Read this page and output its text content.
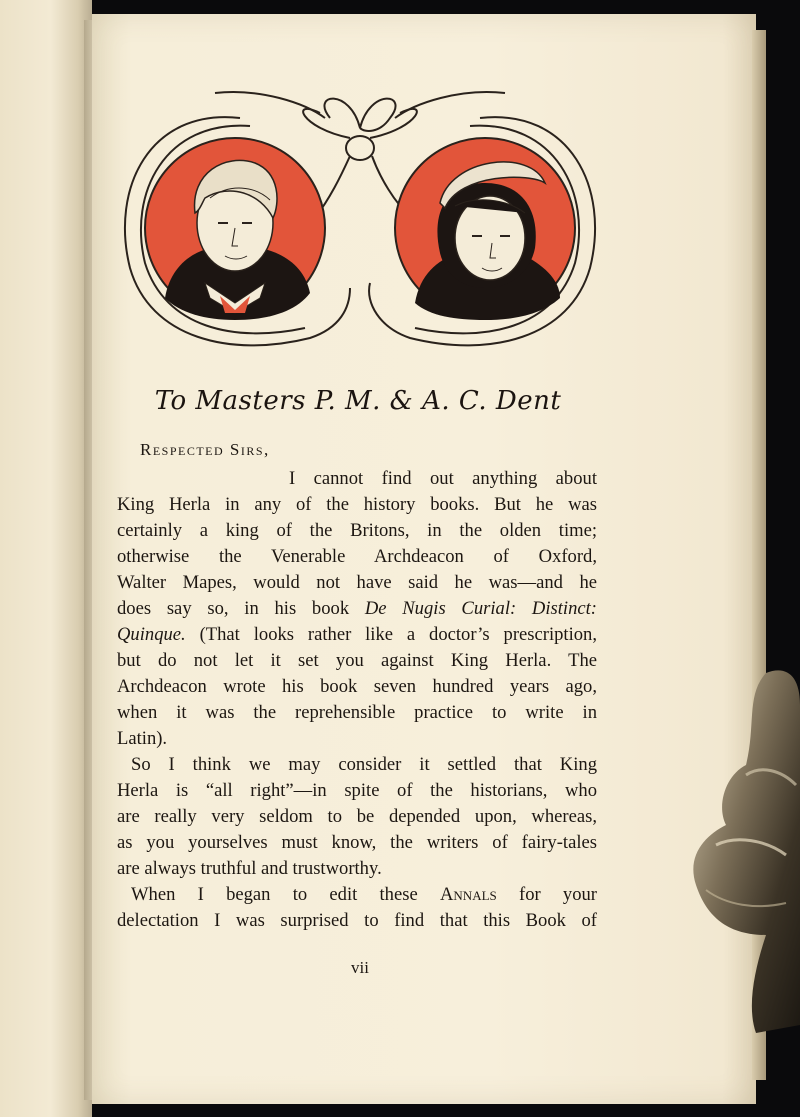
To Masters P. M. & A. C. Dent
Respected Sirs,
I cannot find out anything about
King Herla in any of the history books. But he was
certainly a king of the Britons, in the olden time;
otherwise the Venerable Archdeacon of Oxford,
Walter Mapes, would not have said he was—and he
does say so, in his book De Nugis Curial: Distinct:
Quinque. (That looks rather like a doctor’s prescription,
but do not let it set you against King Herla. The
Archdeacon wrote his book seven hundred years ago,
when it was the reprehensible practice to write in
Latin).
So I think we may consider it settled that King
Herla is “all right”—in spite of the historians, who
are really very seldom to be depended upon, whereas,
as you yourselves must know, the writers of fairy-tales
are always truthful and trustworthy.
When I began to edit these Annals for your
delectation I was surprised to find that this Book of
vii
